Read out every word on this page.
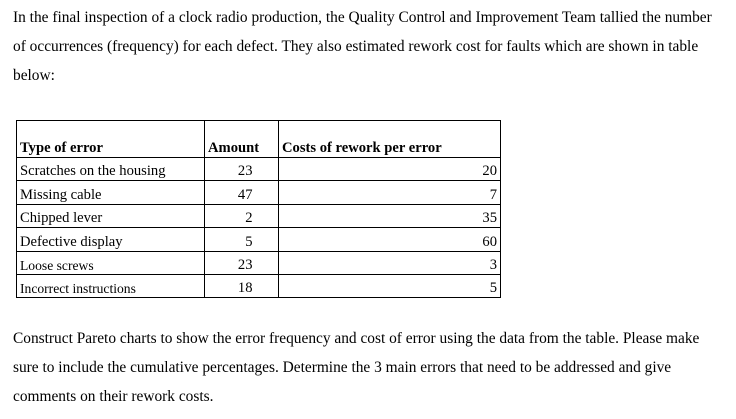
In the final inspection of a clock radio production, the Quality Control and Improvement Team tallied the number of occurrences (frequency) for each defect. They also estimated rework cost for faults which are shown in table below:

Type of error	Amount	Costs of rework per error
Scratches on the housing	23	20
Missing cable	47	7
Chipped lever	2	35
Defective display	5	60
Loose screws	23	3
Incorrect instructions	18	5

Construct Pareto charts to show the error frequency and cost of error using the data from the table. Please make sure to include the cumulative percentages. Determine the 3 main errors that need to be addressed and give comments on their rework costs.
